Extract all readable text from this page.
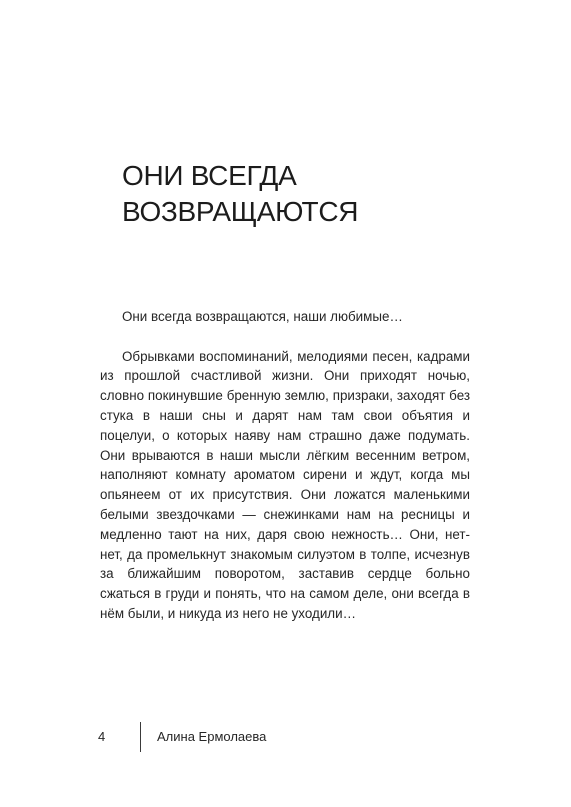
ОНИ ВСЕГДА
ВОЗВРАЩАЮТСЯ

Они всегда возвращаются, наши любимые…

Обрывками воспоминаний, мелодиями песен, кадрами из прошлой счастливой жизни. Они приходят ночью, словно покинувшие бренную землю, призраки, заходят без стука в наши сны и дарят нам там свои объятия и поцелуи, о которых наяву нам страшно даже подумать. Они врываются в наши мысли лёгким весенним ветром, наполняют комнату ароматом сирени и ждут, когда мы опьянеем от их присутствия. Они ложатся маленькими белыми звездочками — снежинками нам на ресницы и медленно тают на них, даря свою нежность… Они, нет-нет, да промелькнут знакомым силуэтом в толпе, исчезнув за ближайшим поворотом, заставив сердце больно сжаться в груди и понять, что на самом деле, они всегда в нём были, и никуда из него не уходили…

4	Алина Ермолаева
